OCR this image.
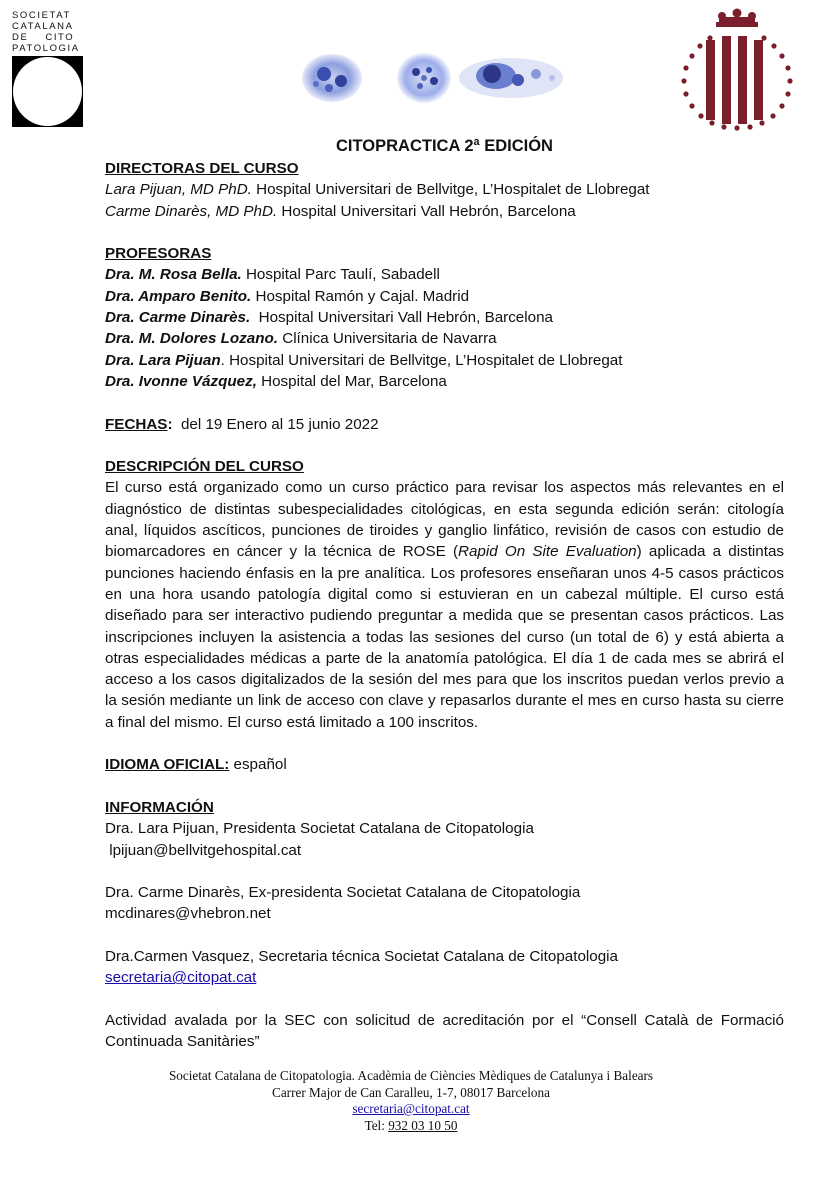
SOCIETAT
CATALANA
DE    CITO
PATOLOGIA
CITOPRACTICA 2ª EDICIÓN
DIRECTORAS DEL CURSO
Lara Pijuan, MD PhD. Hospital Universitari de Bellvitge, L’Hospitalet de Llobregat
Carme Dinarès, MD PhD. Hospital Universitari Vall Hebrón, Barcelona
PROFESORAS
Dra. M. Rosa Bella. Hospital Parc Taulí, Sabadell
Dra. Amparo Benito. Hospital Ramón y Cajal. Madrid
Dra. Carme Dinarès.  Hospital Universitari Vall Hebrón, Barcelona
Dra. M. Dolores Lozano. Clínica Universitaria de Navarra
Dra. Lara Pijuan. Hospital Universitari de Bellvitge, L’Hospitalet de Llobregat
Dra. Ivonne Vázquez, Hospital del Mar, Barcelona
FECHAS:  del 19 Enero al 15 junio 2022
DESCRIPCIÓN DEL CURSO
El curso está organizado como un curso práctico para revisar los aspectos más relevantes en el diagnóstico de distintas subespecialidades citológicas, en esta segunda edición serán: citología anal, líquidos ascíticos, punciones de tiroides y ganglio linfático, revisión de casos con estudio de biomarcadores en cáncer y la técnica de ROSE (Rapid On Site Evaluation) aplicada a distintas punciones haciendo énfasis en la pre analítica. Los profesores enseñaran unos 4-5 casos prácticos en una hora usando patología digital como si estuvieran en un cabezal múltiple. El curso está diseñado para ser interactivo pudiendo preguntar a medida que se presentan casos prácticos. Las inscripciones incluyen la asistencia a todas las sesiones del curso (un total de 6) y está abierta a otras especialidades médicas a parte de la anatomía patológica. El día 1 de cada mes se abrirá el acceso a los casos digitalizados de la sesión del mes para que los inscritos puedan verlos previo a la sesión mediante un link de acceso con clave y repasarlos durante el mes en curso hasta su cierre a final del mismo. El curso está limitado a 100 inscritos.
IDIOMA OFICIAL: español
INFORMACIÓN
Dra. Lara Pijuan, Presidenta Societat Catalana de Citopatologia
lpijuan@bellvitgehospital.cat
Dra. Carme Dinarès, Ex-presidenta Societat Catalana de Citopatologia
mcdinares@vhebron.net
Dra.Carmen Vasquez, Secretaria técnica Societat Catalana de Citopatologia
secretaria@citopat.cat
Actividad avalada por la SEC con solicitud de acreditación por el “Consell Català de Formació Continuada Sanitàries”
Societat Catalana de Citopatologia. Acadèmia de Ciències Mèdiques de Catalunya i Balears
Carrer Major de Can Caralleu, 1-7, 08017 Barcelona
secretaria@citopat.cat
Tel: 932 03 10 50
